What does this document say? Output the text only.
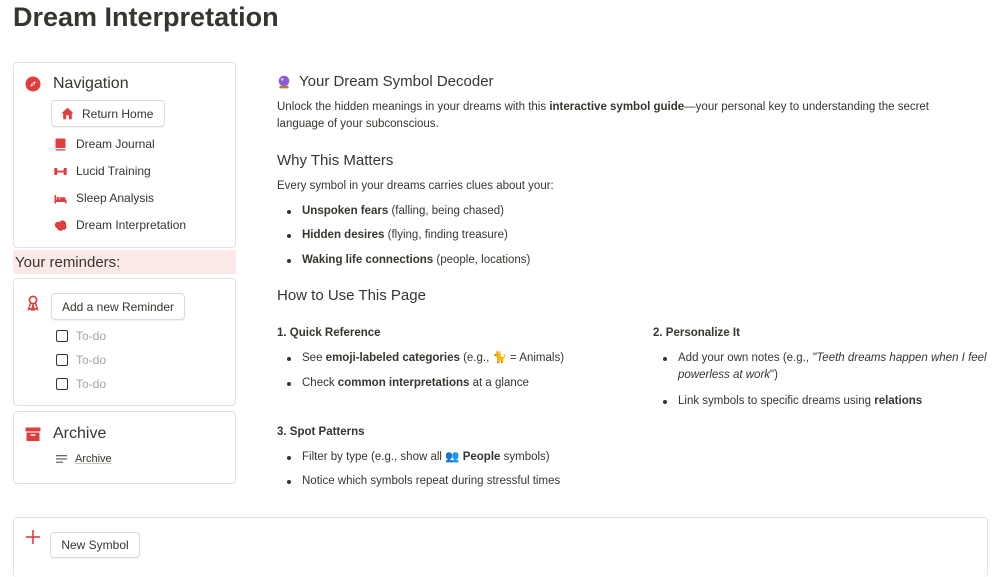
Dream Interpretation
Navigation
Return Home
Dream Journal
Lucid Training
Sleep Analysis
Dream Interpretation
Your reminders:
Add a new Reminder
To-do
To-do
To-do
Archive
Archive
New Symbol
Your Dream Symbol Decoder
Unlock the hidden meanings in your dreams with this interactive symbol guide—your personal key to understanding the secret
language of your subconscious.
Why This Matters
Every symbol in your dreams carries clues about your:
Unspoken fears (falling, being chased)
Hidden desires (flying, finding treasure)
Waking life connections (people, locations)
How to Use This Page
1. Quick Reference
See emoji-labeled categories (e.g., 🐈 = Animals)
Check common interpretations at a glance
2. Personalize It
Add your own notes (e.g., "Teeth dreams happen when I feel
powerless at work")
Link symbols to specific dreams using relations
3. Spot Patterns
Filter by type (e.g., show all 👥 People symbols)
Notice which symbols repeat during stressful times
